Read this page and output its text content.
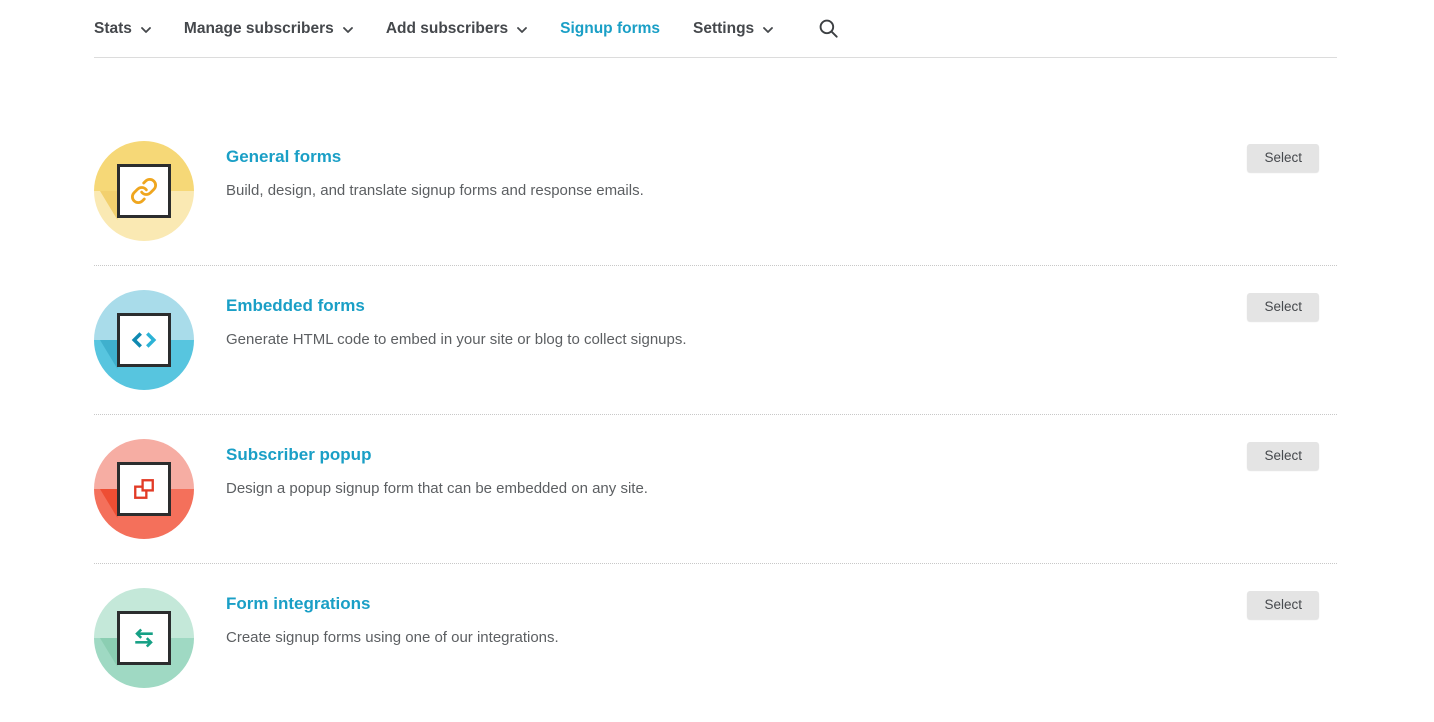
Stats	Manage subscribers	Add subscribers	Signup forms Settings
General forms
Build, design, and translate signup forms and response emails.
Select
Embedded forms
Generate HTML code to embed in your site or blog to collect signups.
Select
Subscriber popup
Design a popup signup form that can be embedded on any site.
Select
Form integrations
Create signup forms using one of our integrations.
Select
